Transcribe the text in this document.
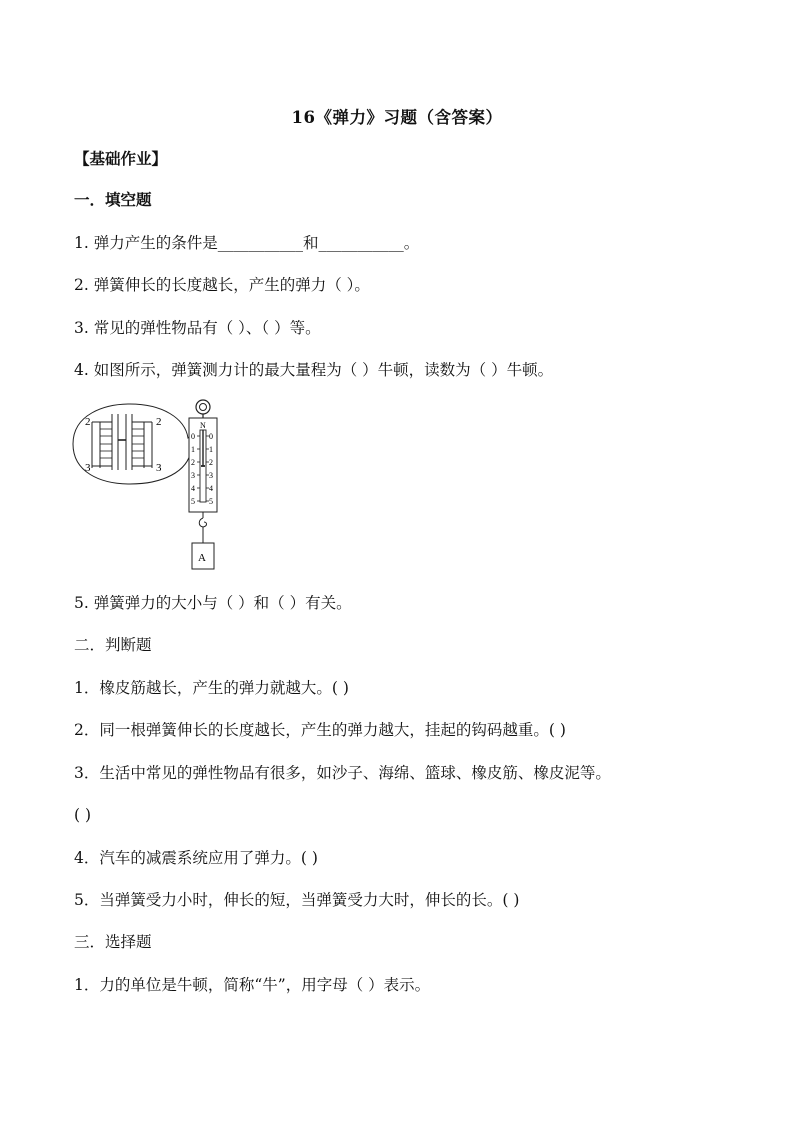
16《弹力》习题（含答案）
【基础作业】
一．填空题
1. 弹力产生的条件是___________和___________。
2. 弹簧伸长的长度越长，产生的弹力（ ）。
3. 常见的弹性物品有（ ）、（ ）等。
4. 如图所示，弹簧测力计的最大量程为（ ）牛顿，读数为（ ）牛顿。
2	2
3	3
N
0 0
1 1
2 2
3 3
4 4
5 5
A
5. 弹簧弹力的大小与（ ）和（ ）有关。
二．判断题
1．橡皮筋越长，产生的弹力就越大。( )
2．同一根弹簧伸长的长度越长，产生的弹力越大，挂起的钩码越重。( )
3．生活中常见的弹性物品有很多，如沙子、海绵、篮球、橡皮筋、橡皮泥等。
( )
4．汽车的减震系统应用了弹力。( )
5．当弹簧受力小时，伸长的短，当弹簧受力大时，伸长的长。( )
三．选择题
1．力的单位是牛顿，简称“牛”，用字母（ ）表示。
